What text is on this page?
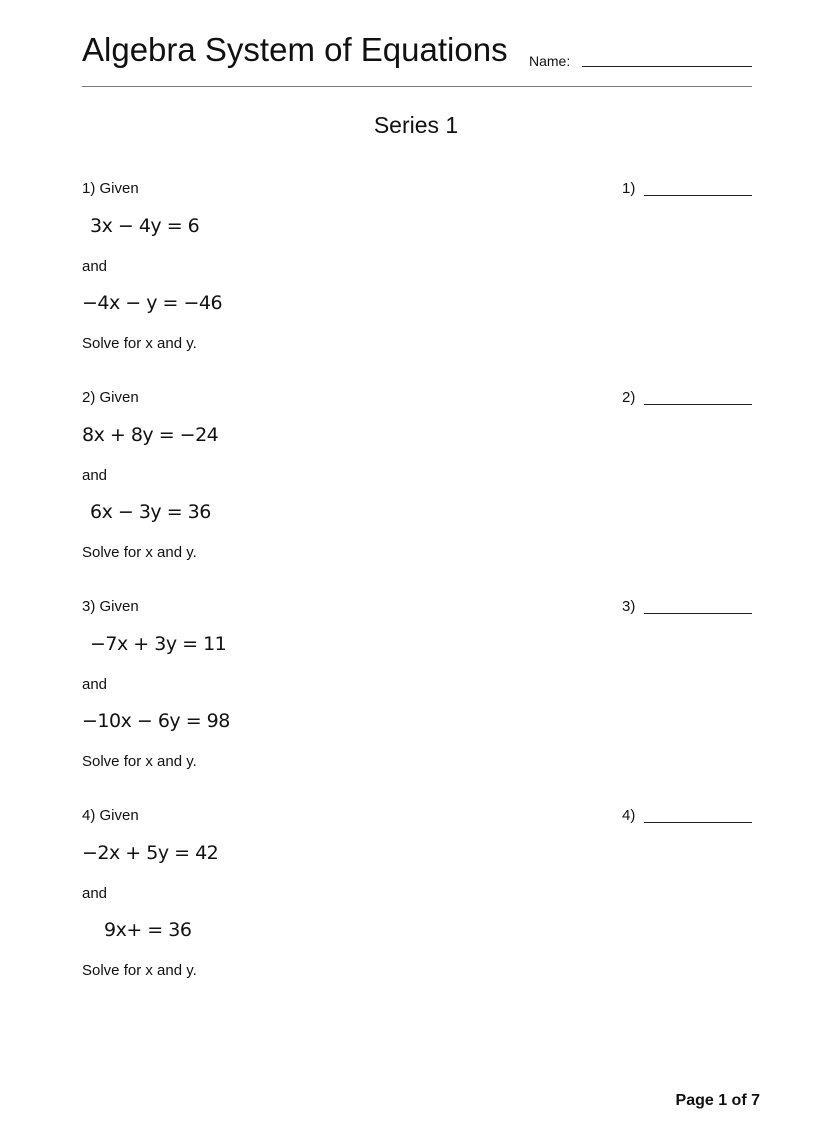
Algebra System of Equations Name:
Series 1
1) Given
3x − 4y = 6
and
−4x − y = −46
Solve for x and y.
1)
2) Given
8x + 8y = −24
and
6x − 3y = 36
Solve for x and y.
2)
3) Given
−7x + 3y = 11
and
−10x − 6y = 98
Solve for x and y.
3)
4) Given
−2x + 5y = 42
and
9x+ = 36
Solve for x and y.
4)
Page 1 of 7
